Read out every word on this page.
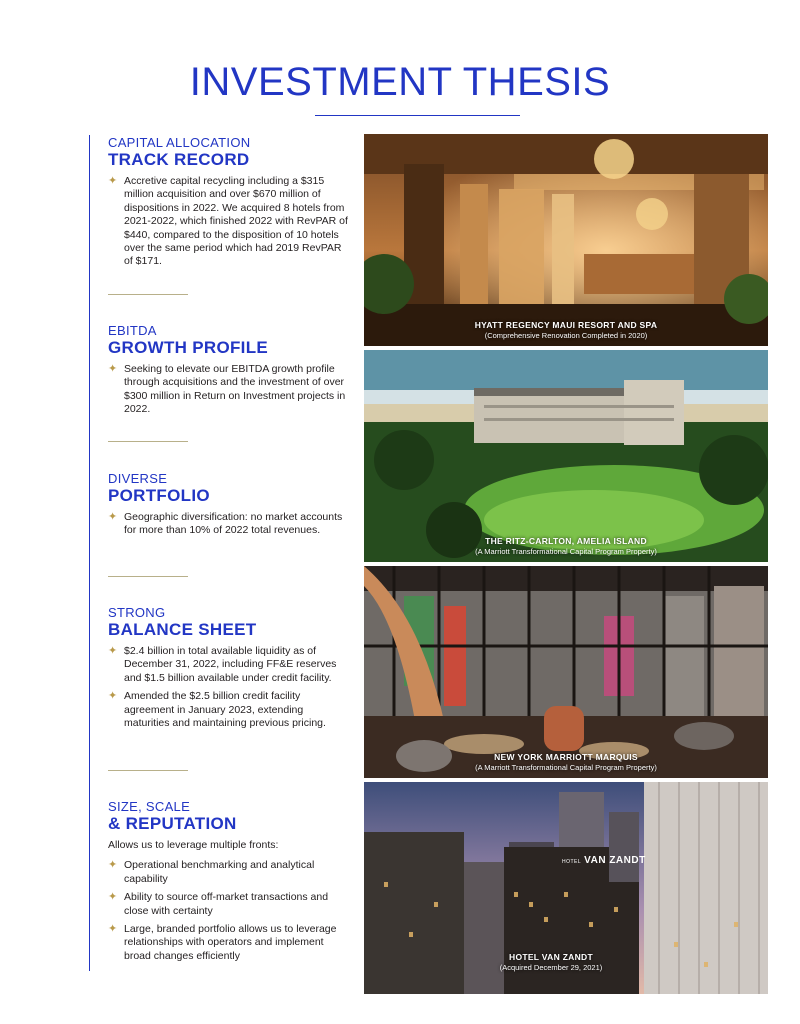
INVESTMENT THESIS
CAPITAL ALLOCATION
TRACK RECORD
✦ Accretive capital recycling including a $315 million acquisition and over $670 million of dispositions in 2022. We acquired 8 hotels from 2021-2022, which finished 2022 with RevPAR of $440, compared to the disposition of 10 hotels over the same period which had 2019 RevPAR of $171.
EBITDA
GROWTH PROFILE
✦ Seeking to elevate our EBITDA growth profile through acquisitions and the investment of over $300 million in Return on Investment projects in 2022.
DIVERSE
PORTFOLIO
✦ Geographic diversification: no market accounts for more than 10% of 2022 total revenues.
STRONG
BALANCE SHEET
✦ $2.4 billion in total available liquidity as of December 31, 2022, including FF&E reserves and $1.5 billion available under credit facility.
✦ Amended the $2.5 billion credit facility agreement in January 2023, extending maturities and maintaining previous pricing.
SIZE, SCALE
& REPUTATION
Allows us to leverage multiple fronts:
✦ Operational benchmarking and analytical capability
✦ Ability to source off-market transactions and close with certainty
✦ Large, branded portfolio allows us to leverage relationships with operators and implement broad changes efficiently
HYATT REGENCY MAUI RESORT AND SPA
(Comprehensive Renovation Completed in 2020)
THE RITZ-CARLTON, AMELIA ISLAND
(A Marriott Transformational Capital Program Property)
NEW YORK MARRIOTT MARQUIS
(A Marriott Transformational Capital Program Property)
HOTEL VAN ZANDT
HOTEL VAN ZANDT
(Acquired December 29, 2021)
